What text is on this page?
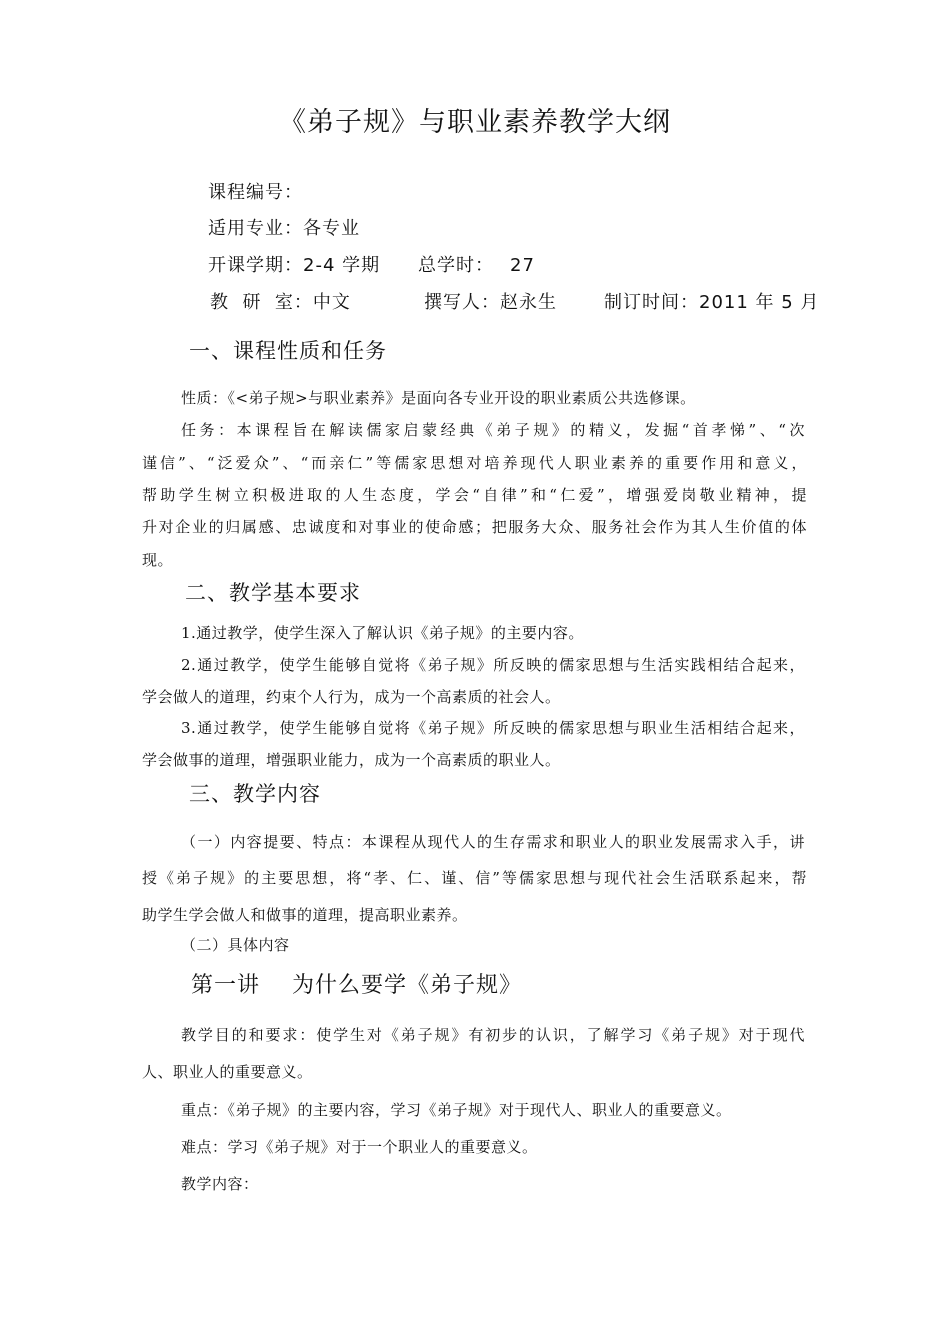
《弟子规》与职业素养教学大纲
课程编号：
适用专业：各专业
开课学期：2-4 学期 总学时： 27
教  研  室：中文	撰写人：赵永生	制订时间：2011 年 5 月
一、课程性质和任务
性质：《<弟子规>与职业素养》是面向各专业开设的职业素质公共选修课。
任务：本课程旨在解读儒家启蒙经典《弟子规》的精义，发掘“首孝悌”、“次
谨信”、“泛爱众”、“而亲仁”等儒家思想对培养现代人职业素养的重要作用和意义，
帮助学生树立积极进取的人生态度，学会“自律”和“仁爱”，增强爱岗敬业精神，提
升对企业的归属感、忠诚度和对事业的使命感；把服务大众、服务社会作为其人生价值的体
现。
二、教学基本要求
1.通过教学，使学生深入了解认识《弟子规》的主要内容。
2.通过教学，使学生能够自觉将《弟子规》所反映的儒家思想与生活实践相结合起来，
学会做人的道理，约束个人行为，成为一个高素质的社会人。
3.通过教学，使学生能够自觉将《弟子规》所反映的儒家思想与职业生活相结合起来，
学会做事的道理，增强职业能力，成为一个高素质的职业人。
三、教学内容
（一）内容提要、特点：本课程从现代人的生存需求和职业人的职业发展需求入手，讲
授《弟子规》的主要思想，将“孝、仁、谨、信”等儒家思想与现代社会生活联系起来，帮
助学生学会做人和做事的道理，提高职业素养。
（二）具体内容
第一讲    为什么要学《弟子规》
教学目的和要求：使学生对《弟子规》有初步的认识，了解学习《弟子规》对于现代
人、职业人的重要意义。
重点：《弟子规》的主要内容，学习《弟子规》对于现代人、职业人的重要意义。
难点：学习《弟子规》对于一个职业人的重要意义。
教学内容：
